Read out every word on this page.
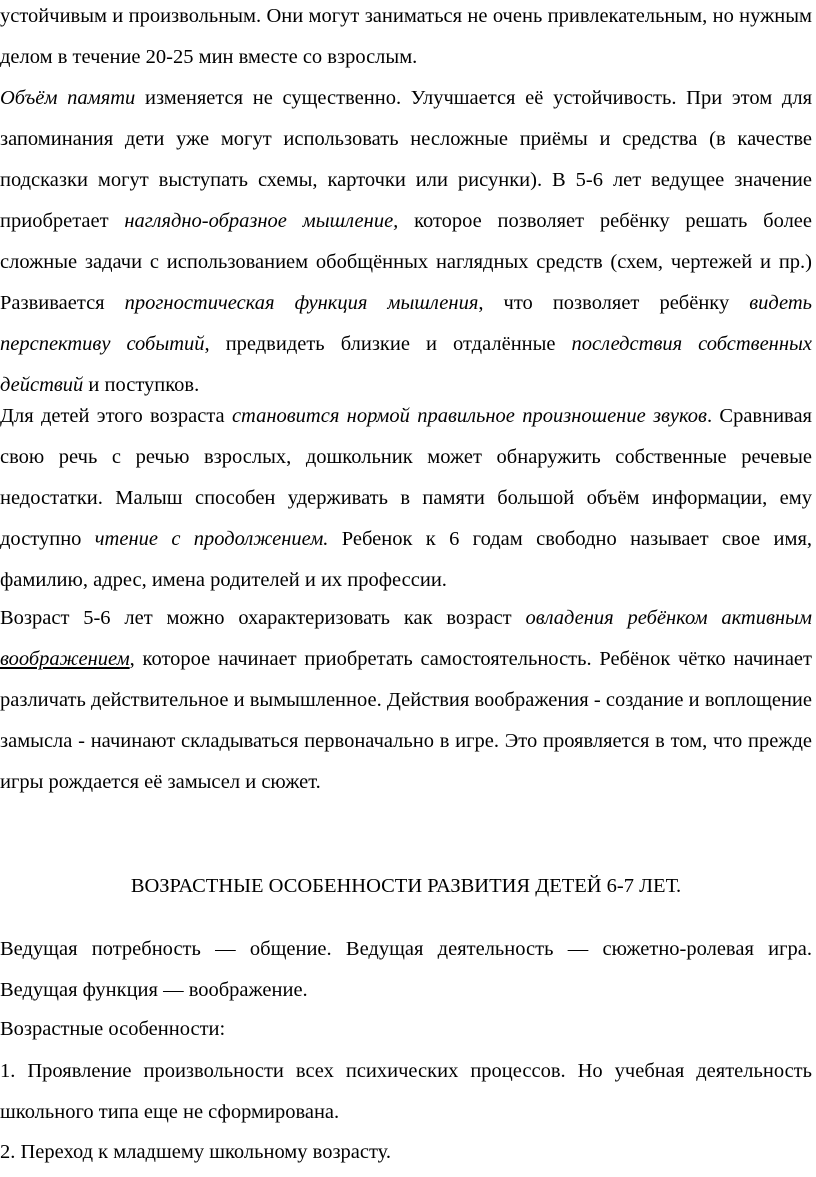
устойчивым и произвольным. Они могут заниматься не очень привлекательным, но нужным делом в течение 20-25 мин вместе со взрослым.

Объём памяти изменяется не существенно. Улучшается её устойчивость. При этом для запоминания дети уже могут использовать несложные приёмы и средства (в качестве подсказки могут выступать схемы, карточки или рисунки). В 5-6 лет ведущее значение приобретает наглядно-образное мышление, которое позволяет ребёнку решать более сложные задачи с использованием обобщённых наглядных средств (схем, чертежей и пр.) Развивается прогностическая функция мышления, что позволяет ребёнку видеть перспективу событий, предвидеть близкие и отдалённые последствия собственных действий и поступков.

Для детей этого возраста становится нормой правильное произношение звуков. Сравнивая свою речь с речью взрослых, дошкольник может обнаружить собственные речевые недостатки. Малыш способен удерживать в памяти большой объём информации, ему доступно чтение с продолжением. Ребенок к 6 годам свободно называет свое имя, фамилию, адрес, имена родителей и их профессии.

Возраст 5-6 лет можно охарактеризовать как возраст овладения ребёнком активным воображением, которое начинает приобретать самостоятельность. Ребёнок чётко начинает различать действительное и вымышленное. Действия воображения - создание и воплощение замысла - начинают складываться первоначально в игре. Это проявляется в том, что прежде игры рождается её замысел и сюжет.

ВОЗРАСТНЫЕ ОСОБЕННОСТИ РАЗВИТИЯ ДЕТЕЙ 6-7 ЛЕТ.

Ведущая потребность — общение. Ведущая деятельность — сюжетно-ролевая игра. Ведущая функция — воображение.

Возрастные особенности:

1. Проявление произвольности всех психических процессов. Но учебная деятельность школьного типа еще не сформирована.

2. Переход к младшему школьному возрасту.
